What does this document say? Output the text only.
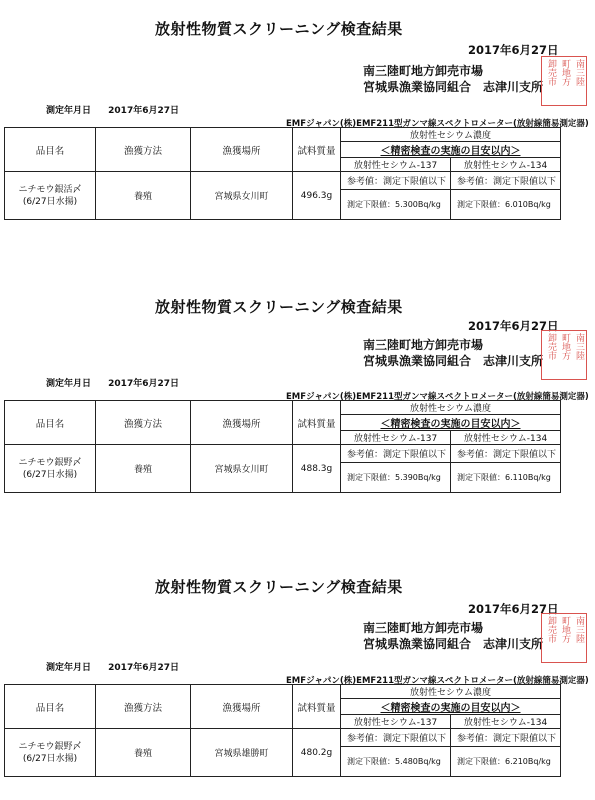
放射性物質スクリーニング検査結果
2017年6月27日
南三陸町地方卸売市場
宮城県漁業協同組合　志津川支所
南三陸
町地方
卸売市
測定年月日 2017年6月27日
EMFジャパン(株)EMF211型ガンマ線スペクトロメーター(放射線簡易測定器)
品目名	漁獲方法	漁獲場所	試料質量	放射性セシウム濃度	
				＜精密検査の実施の目安以内＞	
				放射性セシウム-137	放射性セシウム-134
ニチモウ銀活〆
(6/27日水揚)	養殖	宮城県女川町	496.3g	参考値：測定下限値以下	参考値：測定下限値以下
				測定下限値：5.300Bq/kg	測定下限値：6.010Bq/kg
放射性物質スクリーニング検査結果
2017年6月27日
南三陸町地方卸売市場
宮城県漁業協同組合　志津川支所
南三陸
町地方
卸売市
測定年月日 2017年6月27日
EMFジャパン(株)EMF211型ガンマ線スペクトロメーター(放射線簡易測定器)
品目名	漁獲方法	漁獲場所	試料質量	放射性セシウム濃度	
				＜精密検査の実施の目安以内＞	
				放射性セシウム-137	放射性セシウム-134
ニチモウ銀野〆
(6/27日水揚)	養殖	宮城県女川町	488.3g	参考値：測定下限値以下	参考値：測定下限値以下
				測定下限値：5.390Bq/kg	測定下限値：6.110Bq/kg
放射性物質スクリーニング検査結果
2017年6月27日
南三陸町地方卸売市場
宮城県漁業協同組合　志津川支所
南三陸
町地方
卸売市
測定年月日 2017年6月27日
EMFジャパン(株)EMF211型ガンマ線スペクトロメーター(放射線簡易測定器)
品目名	漁獲方法	漁獲場所	試料質量	放射性セシウム濃度	
				＜精密検査の実施の目安以内＞	
				放射性セシウム-137	放射性セシウム-134
ニチモウ銀野〆
(6/27日水揚)	養殖	宮城県雄勝町	480.2g	参考値：測定下限値以下	参考値：測定下限値以下
				測定下限値：5.480Bq/kg	測定下限値：6.210Bq/kg
